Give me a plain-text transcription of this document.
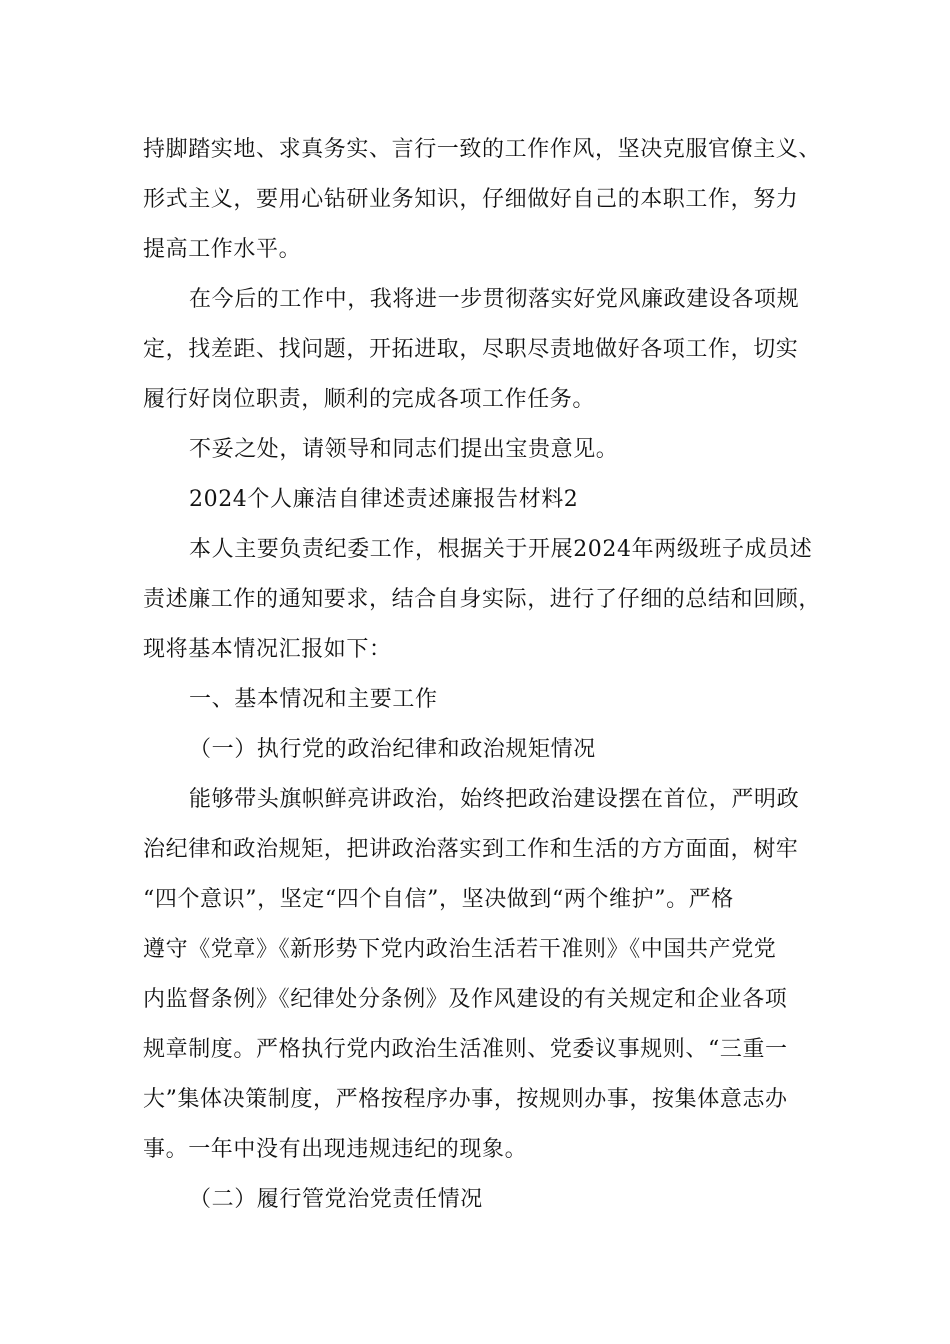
持脚踏实地、求真务实、言行一致的工作作风，坚决克服官僚主义、
形式主义，要用心钻研业务知识，仔细做好自己的本职工作，努力
提高工作水平。
在今后的工作中，我将进一步贯彻落实好党风廉政建设各项规
定，找差距、找问题，开拓进取，尽职尽责地做好各项工作，切实
履行好岗位职责，顺利的完成各项工作任务。
不妥之处，请领导和同志们提出宝贵意见。
2024个人廉洁自律述责述廉报告材料2
本人主要负责纪委工作，根据关于开展2024年两级班子成员述
责述廉工作的通知要求，结合自身实际，进行了仔细的总结和回顾，
现将基本情况汇报如下：
一、基本情况和主要工作
（一）执行党的政治纪律和政治规矩情况
能够带头旗帜鲜亮讲政治，始终把政治建设摆在首位，严明政
治纪律和政治规矩，把讲政治落实到工作和生活的方方面面，树牢
“四个意识”，坚定“四个自信”，坚决做到“两个维护”。严格
遵守《党章》《新形势下党内政治生活若干准则》《中国共产党党
内监督条例》《纪律处分条例》及作风建设的有关规定和企业各项
规章制度。严格执行党内政治生活准则、党委议事规则、“三重一
大”集体决策制度，严格按程序办事，按规则办事，按集体意志办
事。一年中没有出现违规违纪的现象。
（二）履行管党治党责任情况
